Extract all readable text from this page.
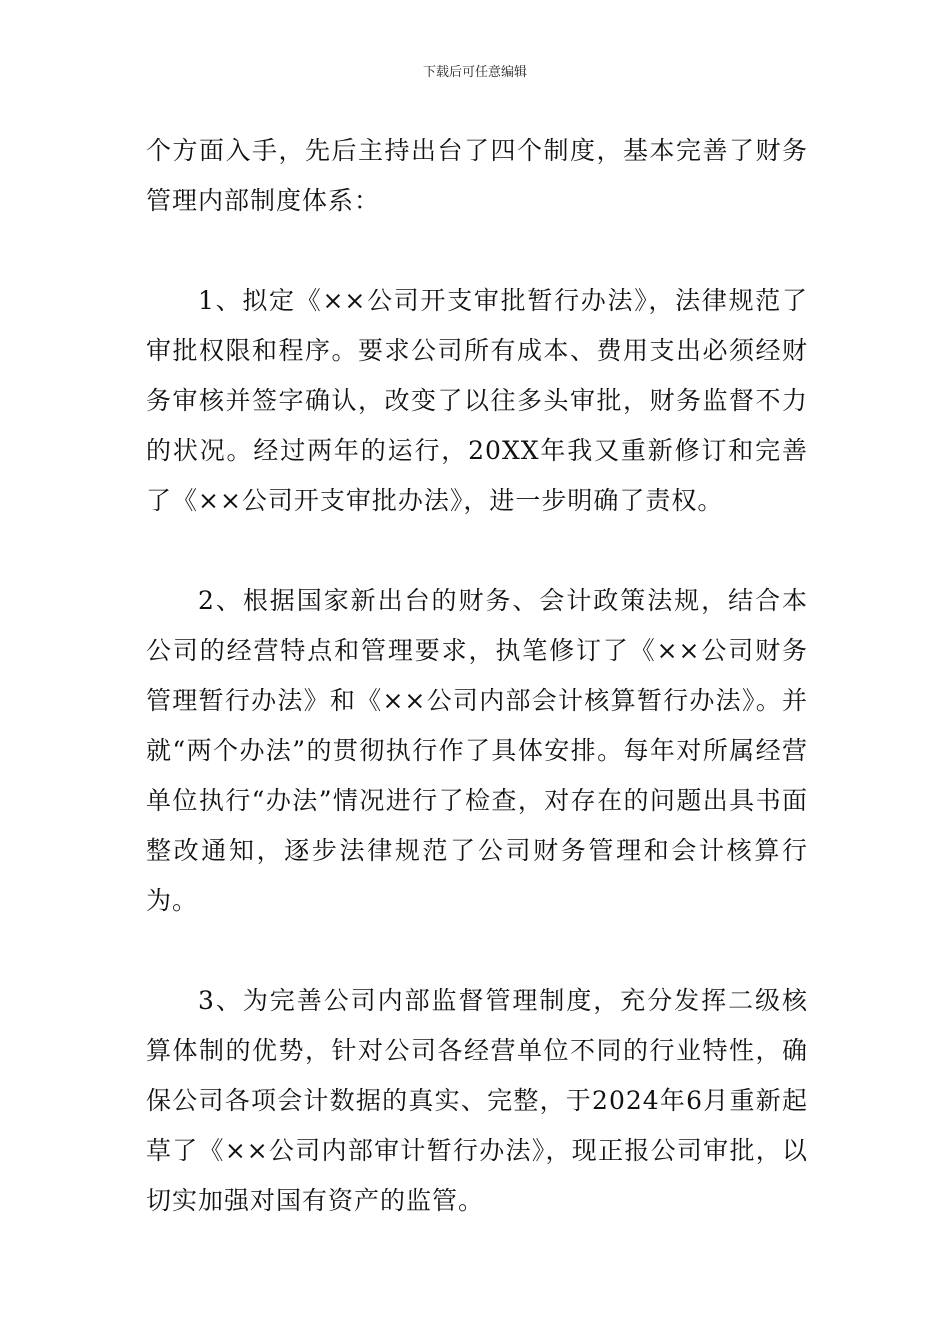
下载后可任意编辑

个方面入手，先后主持出台了四个制度，基本完善了财务管理内部制度体系：

1、拟定《××公司开支审批暂行办法》，法律规范了审批权限和程序。要求公司所有成本、费用支出必须经财务审核并签字确认，改变了以往多头审批，财务监督不力的状况。经过两年的运行，20XX年我又重新修订和完善了《××公司开支审批办法》，进一步明确了责权。

2、根据国家新出台的财务、会计政策法规，结合本公司的经营特点和管理要求，执笔修订了《××公司财务管理暂行办法》和《××公司内部会计核算暂行办法》。并就“两个办法”的贯彻执行作了具体安排。每年对所属经营单位执行“办法”情况进行了检查，对存在的问题出具书面整改通知，逐步法律规范了公司财务管理和会计核算行为。

3、为完善公司内部监督管理制度，充分发挥二级核算体制的优势，针对公司各经营单位不同的行业特性，确保公司各项会计数据的真实、完整，于2024年6月重新起草了《××公司内部审计暂行办法》，现正报公司审批，以切实加强对国有资产的监管。
